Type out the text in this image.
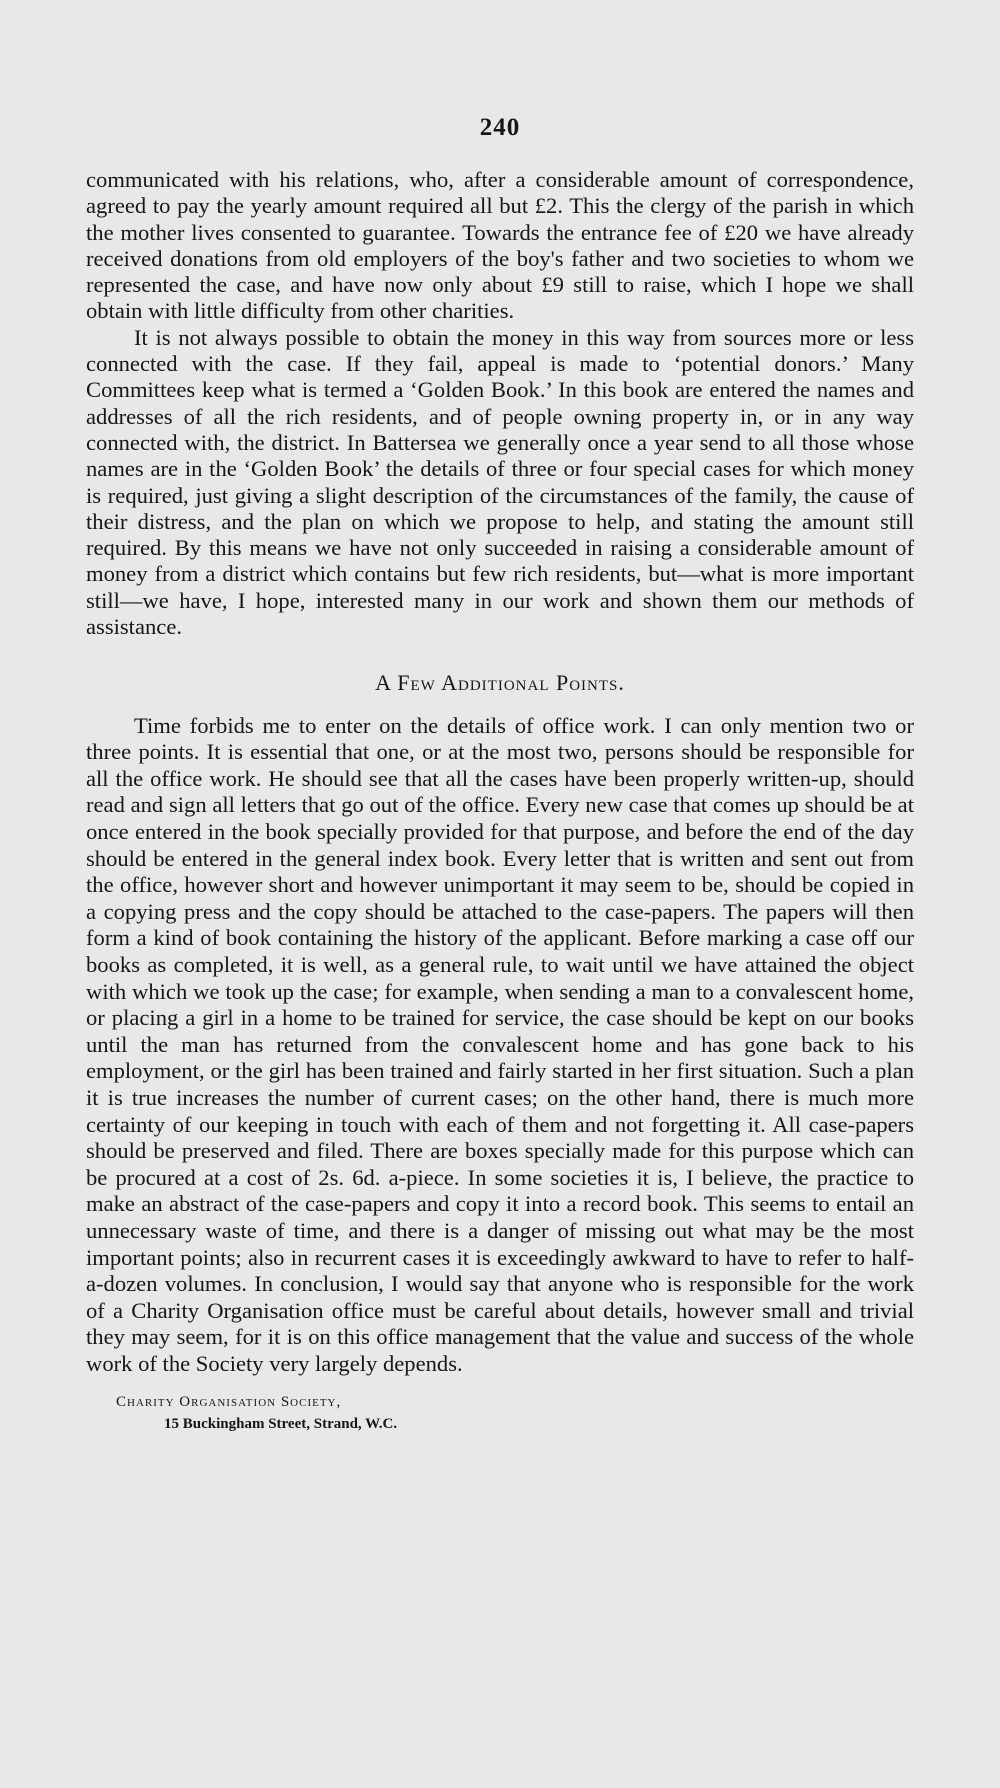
240

communicated with his relations, who, after a considerable amount of correspondence, agreed to pay the yearly amount required all but £2. This the clergy of the parish in which the mother lives consented to guarantee. Towards the entrance fee of £20 we have already received donations from old employers of the boy's father and two societies to whom we represented the case, and have now only about £9 still to raise, which I hope we shall obtain with little difficulty from other charities.

It is not always possible to obtain the money in this way from sources more or less connected with the case. If they fail, appeal is made to ‘potential donors.’ Many Committees keep what is termed a ‘Golden Book.’ In this book are entered the names and addresses of all the rich residents, and of people owning property in, or in any way connected with, the district. In Battersea we generally once a year send to all those whose names are in the ‘Golden Book’ the details of three or four special cases for which money is required, just giving a slight description of the circumstances of the family, the cause of their distress, and the plan on which we propose to help, and stating the amount still required. By this means we have not only succeeded in raising a considerable amount of money from a district which contains but few rich residents, but—what is more important still—we have, I hope, interested many in our work and shown them our methods of assistance.

A Few Additional Points.

Time forbids me to enter on the details of office work. I can only mention two or three points. It is essential that one, or at the most two, persons should be responsible for all the office work. He should see that all the cases have been properly written-up, should read and sign all letters that go out of the office. Every new case that comes up should be at once entered in the book specially provided for that purpose, and before the end of the day should be entered in the general index book. Every letter that is written and sent out from the office, however short and however unimportant it may seem to be, should be copied in a copying press and the copy should be attached to the case-papers. The papers will then form a kind of book containing the history of the applicant. Before marking a case off our books as completed, it is well, as a general rule, to wait until we have attained the object with which we took up the case; for example, when sending a man to a convalescent home, or placing a girl in a home to be trained for service, the case should be kept on our books until the man has returned from the convalescent home and has gone back to his employment, or the girl has been trained and fairly started in her first situation. Such a plan it is true increases the number of current cases; on the other hand, there is much more certainty of our keeping in touch with each of them and not forgetting it. All case-papers should be preserved and filed. There are boxes specially made for this purpose which can be procured at a cost of 2s. 6d. a-piece. In some societies it is, I believe, the practice to make an abstract of the case-papers and copy it into a record book. This seems to entail an unnecessary waste of time, and there is a danger of missing out what may be the most important points; also in recurrent cases it is exceedingly awkward to have to refer to half-a-dozen volumes. In conclusion, I would say that anyone who is responsible for the work of a Charity Organisation office must be careful about details, however small and trivial they may seem, for it is on this office management that the value and success of the whole work of the Society very largely depends.

Charity Organisation Society,
15 Buckingham Street, Strand, W.C.
